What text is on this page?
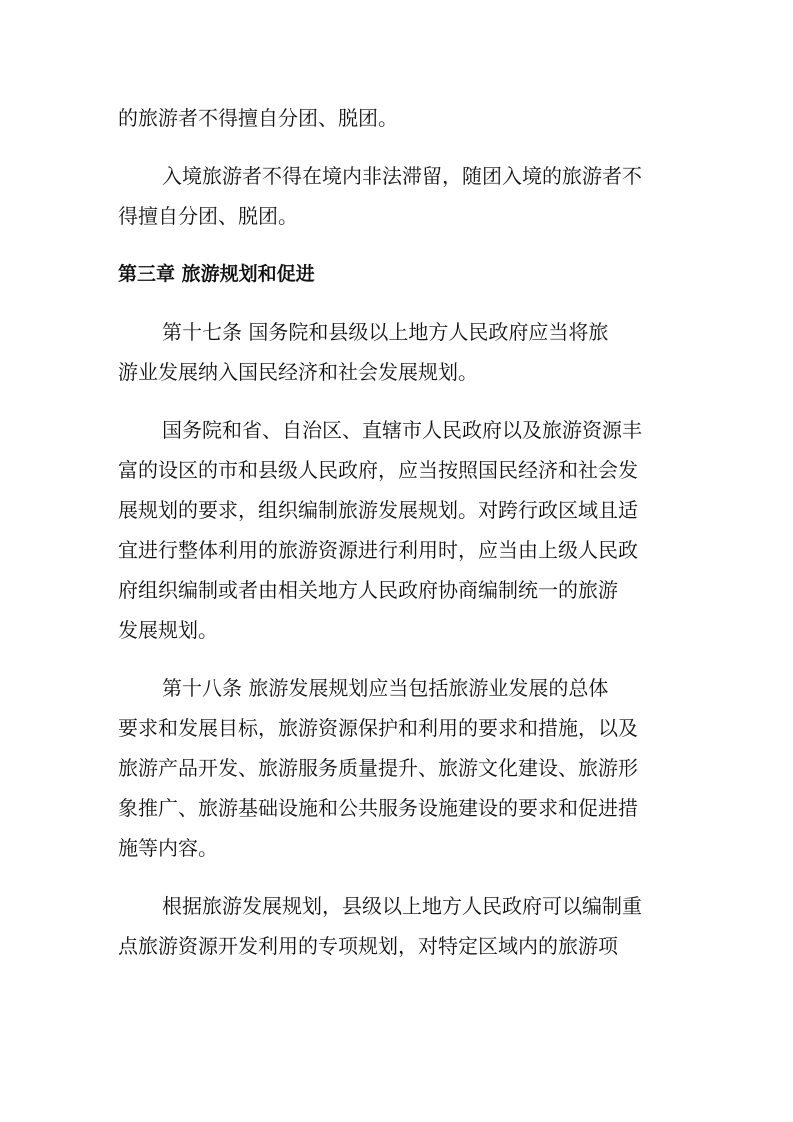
的旅游者不得擅自分团、脱团。
入境旅游者不得在境内非法滞留，随团入境的旅游者不
得擅自分团、脱团。
第三章 旅游规划和促进
第十七条 国务院和县级以上地方人民政府应当将旅
游业发展纳入国民经济和社会发展规划。
国务院和省、自治区、直辖市人民政府以及旅游资源丰
富的设区的市和县级人民政府，应当按照国民经济和社会发
展规划的要求，组织编制旅游发展规划。对跨行政区域且适
宜进行整体利用的旅游资源进行利用时，应当由上级人民政
府组织编制或者由相关地方人民政府协商编制统一的旅游
发展规划。
第十八条 旅游发展规划应当包括旅游业发展的总体
要求和发展目标，旅游资源保护和利用的要求和措施，以及
旅游产品开发、旅游服务质量提升、旅游文化建设、旅游形
象推广、旅游基础设施和公共服务设施建设的要求和促进措
施等内容。
根据旅游发展规划，县级以上地方人民政府可以编制重
点旅游资源开发利用的专项规划，对特定区域内的旅游项
